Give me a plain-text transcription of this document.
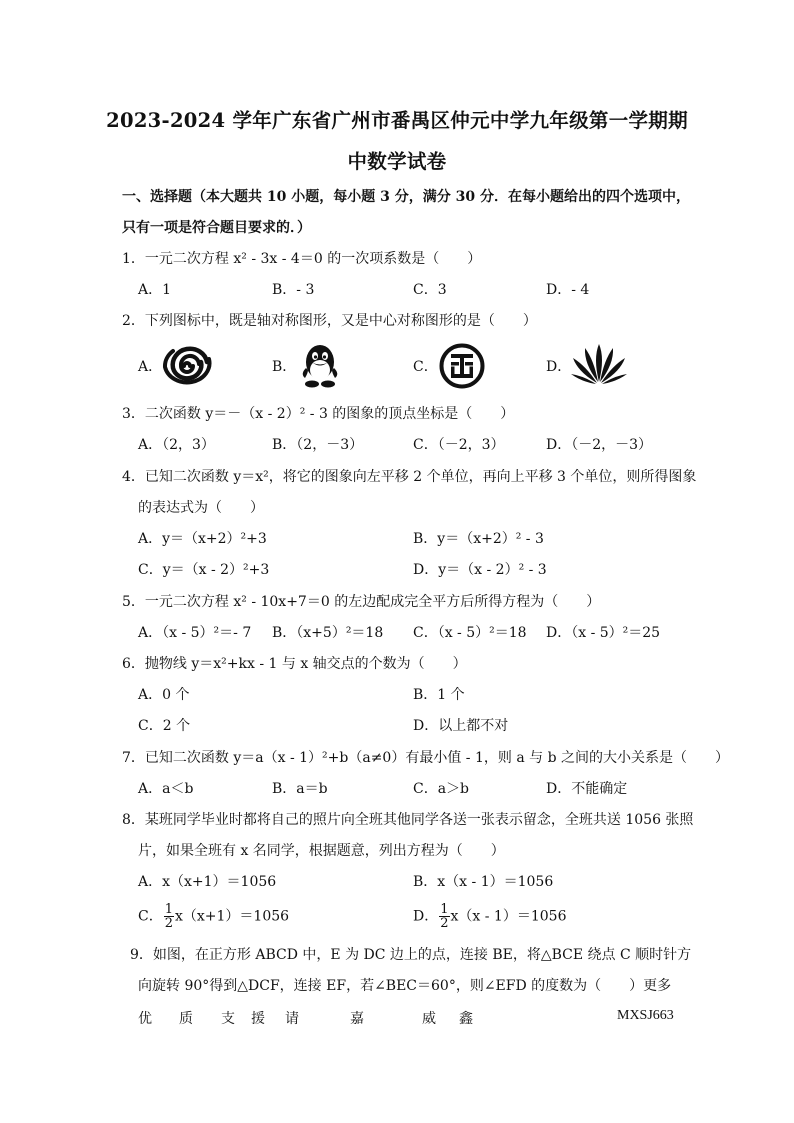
2023-2024 学年广东省广州市番禺区仲元中学九年级第一学期期
中数学试卷
一、选择题（本大题共 10 小题，每小题 3 分，满分 30 分．在每小题给出的四个选项中，
只有一项是符合题目要求的．）
1．一元二次方程 x² - 3x - 4＝0 的一次项系数是（　　）
A．1	B．- 3	C．3	D．- 4
2．下列图标中，既是轴对称图形，又是中心对称图形的是（　　）
A．	B．	C．	D．
3．二次函数 y＝－（x - 2）² - 3 的图象的顶点坐标是（　　）
A．（2，3）	B．（2，－3）	C．（－2，3）	D．（－2，－3）
4．已知二次函数 y＝x²，将它的图象向左平移 2 个单位，再向上平移 3 个单位，则所得图象
的表达式为（　　）
A．y＝（x+2）²+3	B．y＝（x+2）² - 3
C．y＝（x - 2）²+3	D．y＝（x - 2）² - 3
5．一元二次方程 x² - 10x+7＝0 的左边配成完全平方后所得方程为（　　）
A．（x - 5）²＝- 7 B．（x+5）²＝18 C．（x - 5）²＝18 D．（x - 5）²＝25
6．抛物线 y＝x²+kx - 1 与 x 轴交点的个数为（　　）
A．0 个	B．1 个
C．2 个	D．以上都不对
7．已知二次函数 y＝a（x - 1）²+b（a≠0）有最小值 - 1，则 a 与 b 之间的大小关系是（　　）
A．a＜b	B．a＝b	C．a＞b	D．不能确定
8．某班同学毕业时都将自己的照片向全班其他同学各送一张表示留念，全班共送 1056 张照
片，如果全班有 x 名同学，根据题意，列出方程为（　　）
A．x（x+1）＝1056	B．x（x - 1）＝1056
C． $\frac{1}{2} x(x+1)=1056$	D． $\frac{1}{2} x(x - 1)=1056$
9．如图，在正方形 ABCD 中，E 为 DC 边上的点，连接 BE，将△BCE 绕点 C 顺时针方
向旋转 90°得到△DCF，连接 EF，若∠BEC＝60°，则∠EFD 的度数为（　　）更多
优 质 支 援 请	嘉	威 鑫	MXSJ663
